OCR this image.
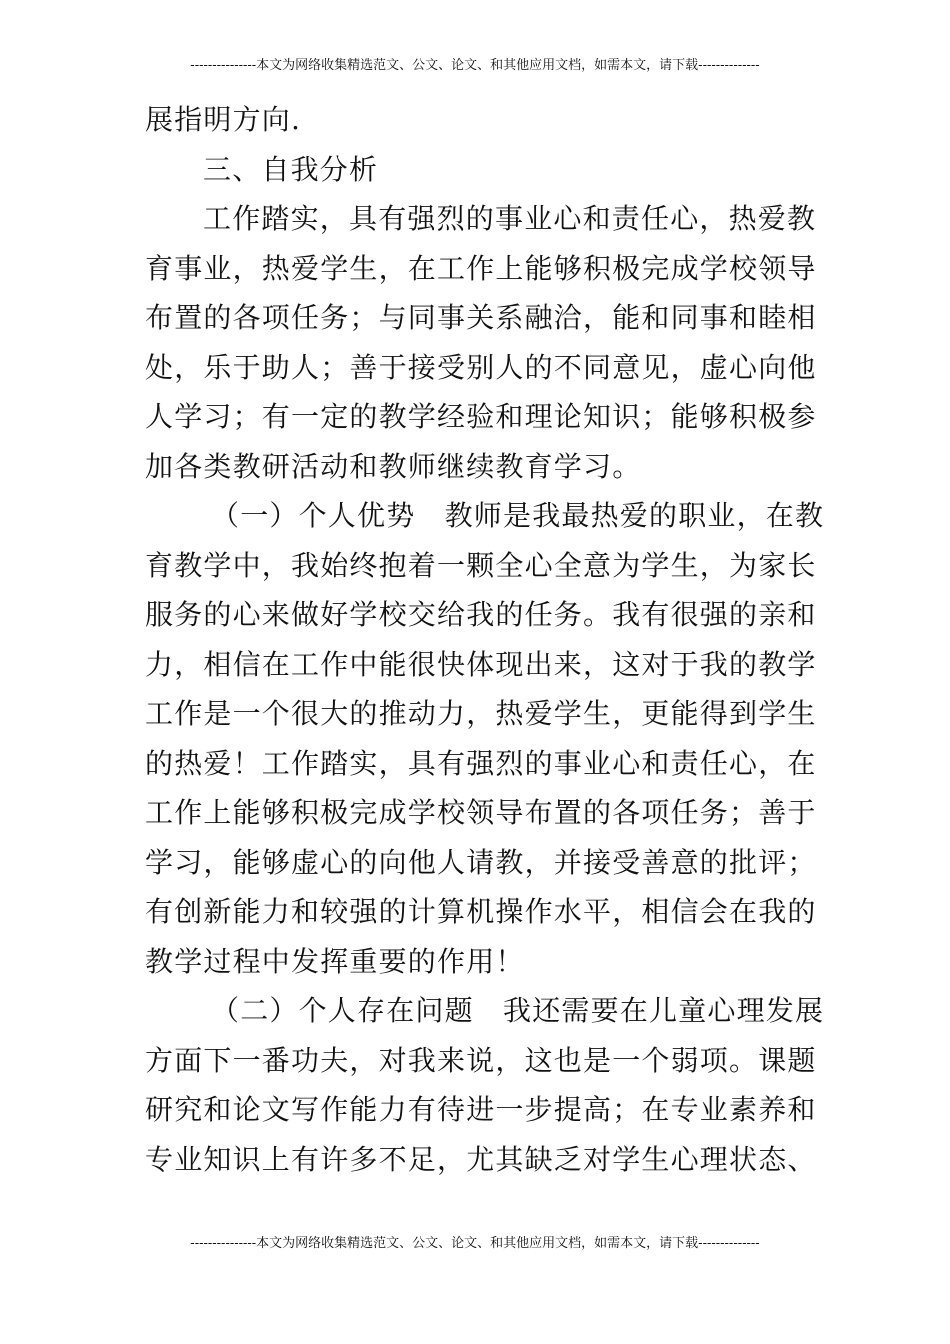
---------------本文为网络收集精选范文、公文、论文、和其他应用文档，如需本文，请下载--------------
展指明方向.
三、自我分析
工作踏实，具有强烈的事业心和责任心，热爱教
育事业，热爱学生，在工作上能够积极完成学校领导
布置的各项任务；与同事关系融洽，能和同事和睦相
处，乐于助人；善于接受别人的不同意见，虚心向他
人学习；有一定的教学经验和理论知识；能够积极参
加各类教研活动和教师继续教育学习。
（一）个人优势　教师是我最热爱的职业，在教
育教学中，我始终抱着一颗全心全意为学生，为家长
服务的心来做好学校交给我的任务。我有很强的亲和
力，相信在工作中能很快体现出来，这对于我的教学
工作是一个很大的推动力，热爱学生，更能得到学生
的热爱！工作踏实，具有强烈的事业心和责任心，在
工作上能够积极完成学校领导布置的各项任务；善于
学习，能够虚心的向他人请教，并接受善意的批评；
有创新能力和较强的计算机操作水平，相信会在我的
教学过程中发挥重要的作用！
（二）个人存在问题　我还需要在儿童心理发展
方面下一番功夫，对我来说，这也是一个弱项。课题
研究和论文写作能力有待进一步提高；在专业素养和
专业知识上有许多不足，尤其缺乏对学生心理状态、
---------------本文为网络收集精选范文、公文、论文、和其他应用文档，如需本文，请下载--------------
